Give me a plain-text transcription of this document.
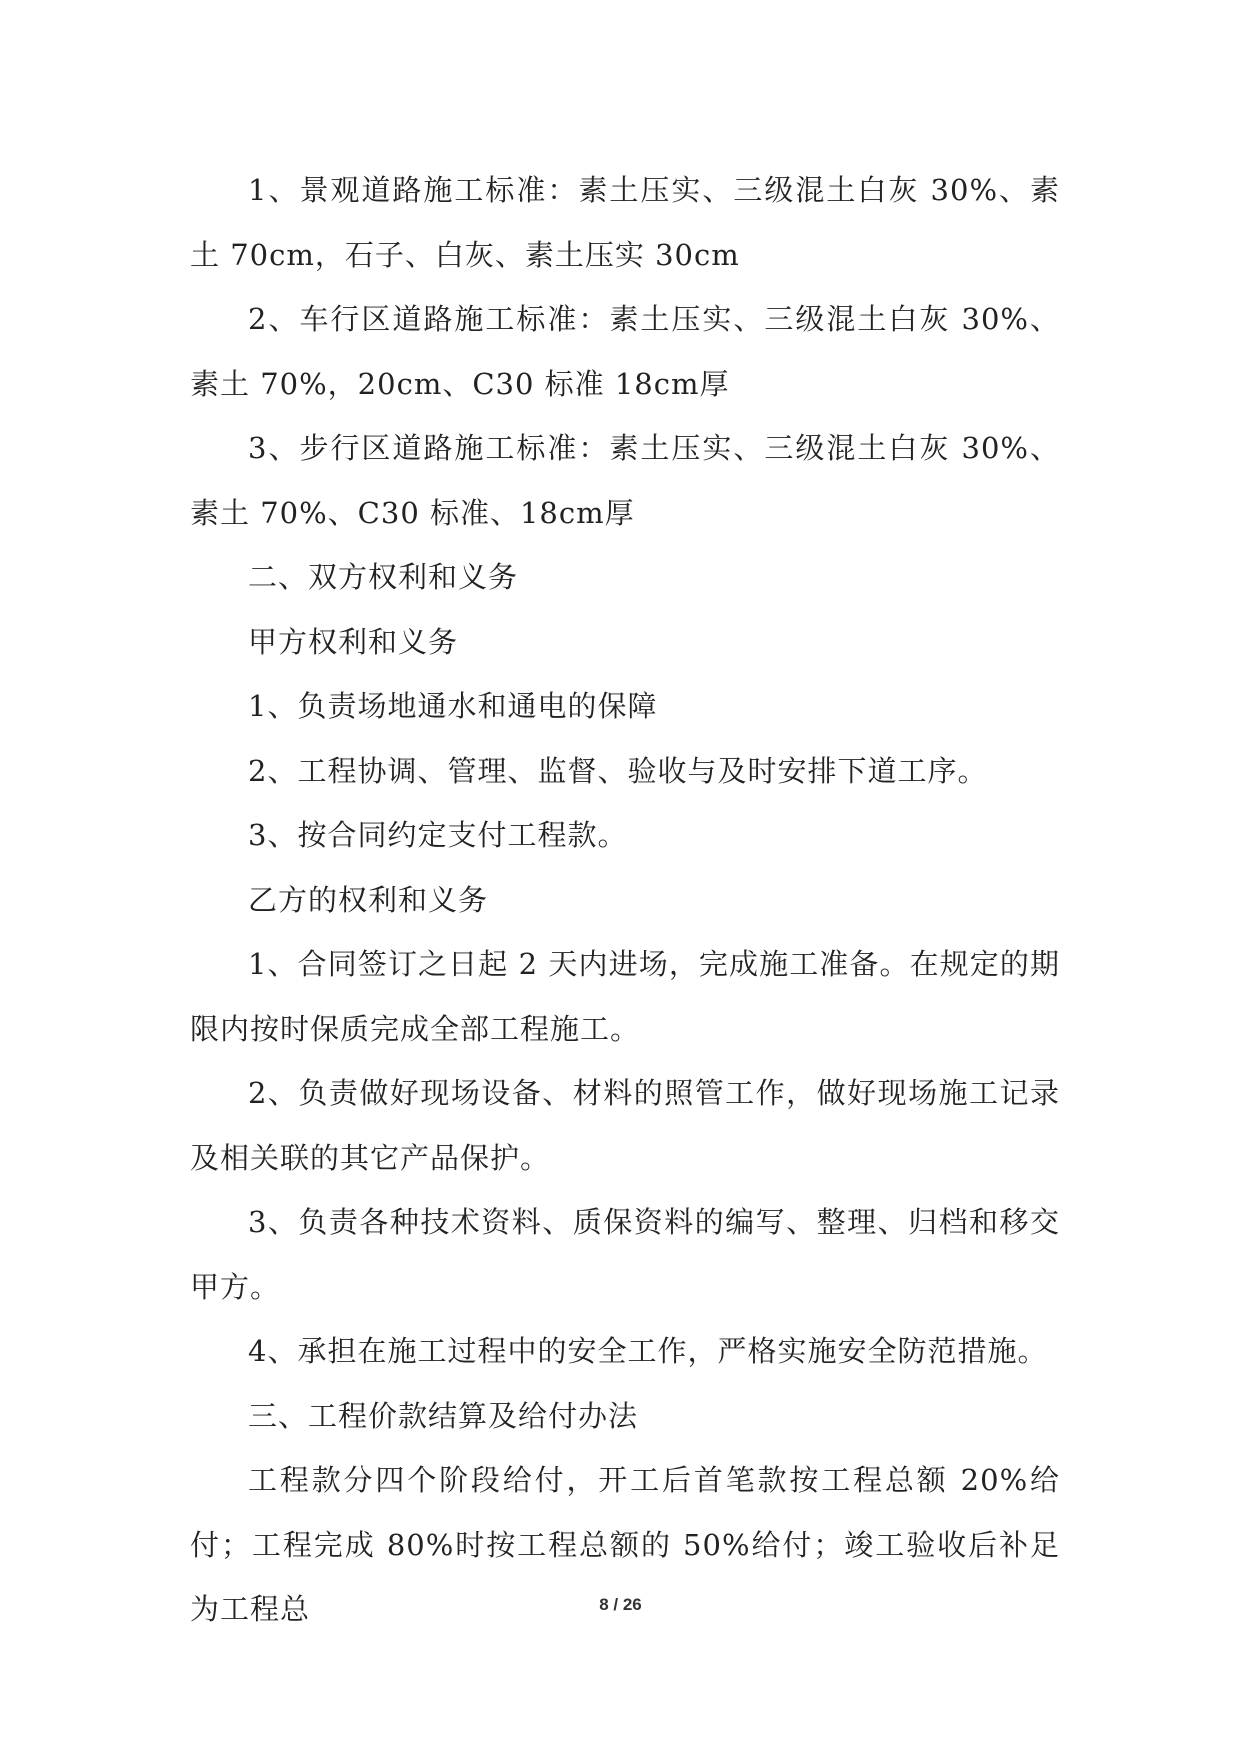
1、景观道路施工标准：素土压实、三级混土白灰 30%、素土 70cm，石子、白灰、素土压实 30cm

2、车行区道路施工标准：素土压实、三级混土白灰 30%、素土 70%，20cm、C30 标准 18cm厚

3、步行区道路施工标准：素土压实、三级混土白灰 30%、素土 70%、C30 标准、18cm厚

二、双方权利和义务

甲方权利和义务

1、负责场地通水和通电的保障

2、工程协调、管理、监督、验收与及时安排下道工序。

3、按合同约定支付工程款。

乙方的权利和义务

1、合同签订之日起 2 天内进场，完成施工准备。在规定的期限内按时保质完成全部工程施工。

2、负责做好现场设备、材料的照管工作，做好现场施工记录及相关联的其它产品保护。

3、负责各种技术资料、质保资料的编写、整理、归档和移交甲方。

4、承担在施工过程中的安全工作，严格实施安全防范措施。

三、工程价款结算及给付办法

工程款分四个阶段给付，开工后首笔款按工程总额 20%给付；工程完成 80%时按工程总额的 50%给付；竣工验收后补足为工程总	8 / 26
